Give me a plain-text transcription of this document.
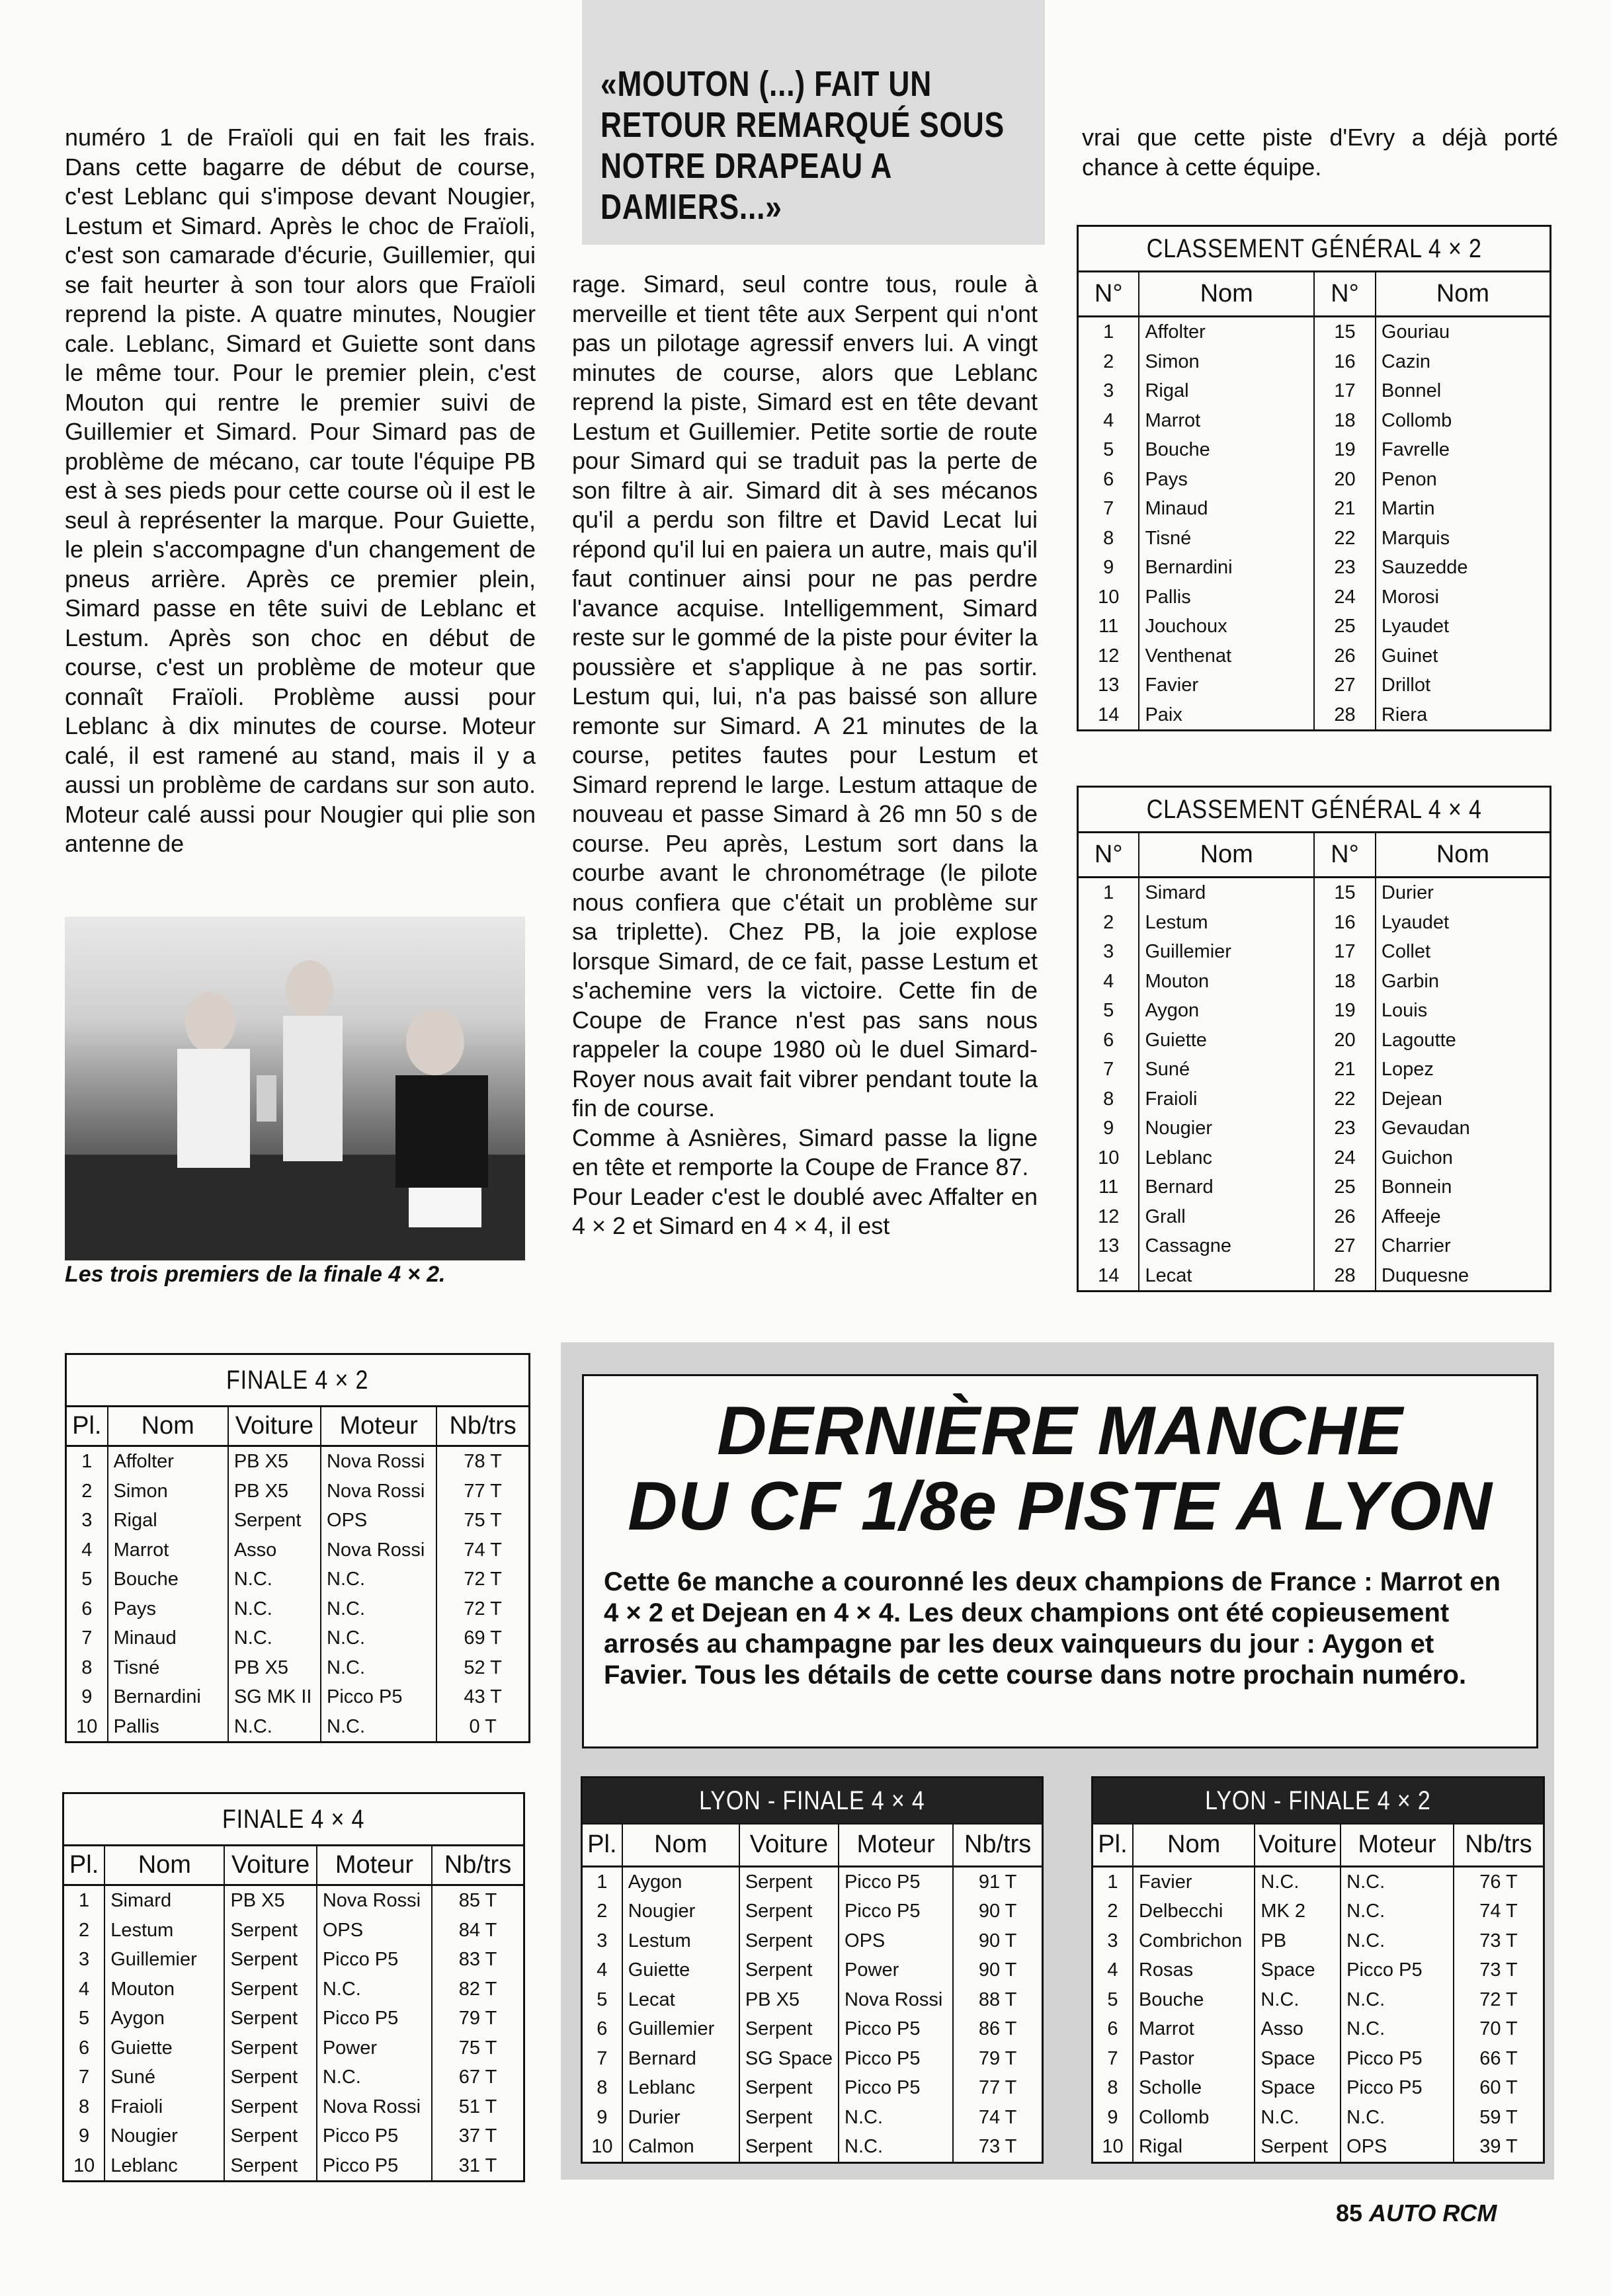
«MOUTON (...) FAIT UN
RETOUR REMARQUÉ SOUS
NOTRE DRAPEAU A
DAMIERS...»

numéro 1 de Fraïoli qui en fait les frais. Dans cette bagarre de début de course, c'est Leblanc qui s'impose devant Nougier, Lestum et Simard. Après le choc de Fraïoli, c'est son camarade d'écurie, Guillemier, qui se fait heurter à son tour alors que Fraïoli reprend la piste. A quatre minutes, Nougier cale. Leblanc, Simard et Guiette sont dans le même tour. Pour le premier plein, c'est Mouton qui rentre le premier suivi de Guillemier et Simard. Pour Simard pas de problème de mécano, car toute l'équipe PB est à ses pieds pour cette course où il est le seul à représenter la marque. Pour Guiette, le plein s'accompagne d'un changement de pneus arrière. Après ce premier plein, Simard passe en tête suivi de Leblanc et Lestum. Après son choc en début de course, c'est un problème de moteur que connaît Fraïoli. Problème aussi pour Leblanc à dix minutes de course. Moteur calé, il est ramené au stand, mais il y a aussi un problème de cardans sur son auto. Moteur calé aussi pour Nougier qui plie son antenne de

Les trois premiers de la finale 4 × 2.

rage. Simard, seul contre tous, roule à merveille et tient tête aux Serpent qui n'ont pas un pilotage agressif envers lui. A vingt minutes de course, alors que Leblanc reprend la piste, Simard est en tête devant Lestum et Guillemier. Petite sortie de route pour Simard qui se traduit pas la perte de son filtre à air. Simard dit à ses mécanos qu'il a perdu son filtre et David Lecat lui répond qu'il lui en paiera un autre, mais qu'il faut continuer ainsi pour ne pas perdre l'avance acquise. Intelligemment, Simard reste sur le gommé de la piste pour éviter la poussière et s'applique à ne pas sortir. Lestum qui, lui, n'a pas baissé son allure remonte sur Simard. A 21 minutes de la course, petites fautes pour Lestum et Simard reprend le large. Lestum attaque de nouveau et passe Simard à 26 mn 50 s de course. Peu après, Lestum sort dans la courbe avant le chronométrage (le pilote nous confiera que c'était un problème sur sa triplette). Chez PB, la joie explose lorsque Simard, de ce fait, passe Lestum et s'achemine vers la victoire. Cette fin de Coupe de France n'est pas sans nous rappeler la coupe 1980 où le duel Simard-Royer nous avait fait vibrer pendant toute la fin de course.

Comme à Asnières, Simard passe la ligne en tête et remporte la Coupe de France 87.

Pour Leader c'est le doublé avec Affalter en 4 × 2 et Simard en 4 × 4, il est

vrai que cette piste d'Evry a déjà porté chance à cette équipe.

CLASSEMENT GÉNÉRAL 4 × 2			
N°	Nom	N°	Nom
1	Affolter	15	Gouriau
2	Simon	16	Cazin
3	Rigal	17	Bonnel
4	Marrot	18	Collomb
5	Bouche	19	Favrelle
6	Pays	20	Penon
7	Minaud	21	Martin
8	Tisné	22	Marquis
9	Bernardini	23	Sauzedde
10	Pallis	24	Morosi
11	Jouchoux	25	Lyaudet
12	Venthenat	26	Guinet
13	Favier	27	Drillot
14	Paix	28	Riera
CLASSEMENT GÉNÉRAL 4 × 4			
N°	Nom	N°	Nom
1	Simard	15	Durier
2	Lestum	16	Lyaudet
3	Guillemier	17	Collet
4	Mouton	18	Garbin
5	Aygon	19	Louis
6	Guiette	20	Lagoutte
7	Suné	21	Lopez
8	Fraioli	22	Dejean
9	Nougier	23	Gevaudan
10	Leblanc	24	Guichon
11	Bernard	25	Bonnein
12	Grall	26	Affeeje
13	Cassagne	27	Charrier
14	Lecat	28	Duquesne
FINALE 4 × 2				
Pl.	Nom	Voiture	Moteur	Nb/trs
1	Affolter	PB X5	Nova Rossi	78 T
2	Simon	PB X5	Nova Rossi	77 T
3	Rigal	Serpent	OPS	75 T
4	Marrot	Asso	Nova Rossi	74 T
5	Bouche	N.C.	N.C.	72 T
6	Pays	N.C.	N.C.	72 T
7	Minaud	N.C.	N.C.	69 T
8	Tisné	PB X5	N.C.	52 T
9	Bernardini	SG MK II	Picco P5	43 T
10	Pallis	N.C.	N.C.	0 T
FINALE 4 × 4				
Pl.	Nom	Voiture	Moteur	Nb/trs
1	Simard	PB X5	Nova Rossi	85 T
2	Lestum	Serpent	OPS	84 T
3	Guillemier	Serpent	Picco P5	83 T
4	Mouton	Serpent	N.C.	82 T
5	Aygon	Serpent	Picco P5	79 T
6	Guiette	Serpent	Power	75 T
7	Suné	Serpent	N.C.	67 T
8	Fraioli	Serpent	Nova Rossi	51 T
9	Nougier	Serpent	Picco P5	37 T
10	Leblanc	Serpent	Picco P5	31 T
DERNIÈRE MANCHE
DU CF 1/8e PISTE A LYON
Cette 6e manche a couronné les deux champions de France : Marrot en 4 × 2 et Dejean en 4 × 4. Les deux champions ont été copieusement arrosés au champagne par les deux vainqueurs du jour : Aygon et Favier. Tous les détails de cette course dans notre prochain numéro.
LYON - FINALE 4 × 4				
Pl.	Nom	Voiture	Moteur	Nb/trs
1	Aygon	Serpent	Picco P5	91 T
2	Nougier	Serpent	Picco P5	90 T
3	Lestum	Serpent	OPS	90 T
4	Guiette	Serpent	Power	90 T
5	Lecat	PB X5	Nova Rossi	88 T
6	Guillemier	Serpent	Picco P5	86 T
7	Bernard	SG Space	Picco P5	79 T
8	Leblanc	Serpent	Picco P5	77 T
9	Durier	Serpent	N.C.	74 T
10	Calmon	Serpent	N.C.	73 T
LYON - FINALE 4 × 2				
Pl.	Nom	Voiture	Moteur	Nb/trs
1	Favier	N.C.	N.C.	76 T
2	Delbecchi	MK 2	N.C.	74 T
3	Combrichon	PB	N.C.	73 T
4	Rosas	Space	Picco P5	73 T
5	Bouche	N.C.	N.C.	72 T
6	Marrot	Asso	N.C.	70 T
7	Pastor	Space	Picco P5	66 T
8	Scholle	Space	Picco P5	60 T
9	Collomb	N.C.	N.C.	59 T
10	Rigal	Serpent	OPS	39 T
85 AUTO RCM
